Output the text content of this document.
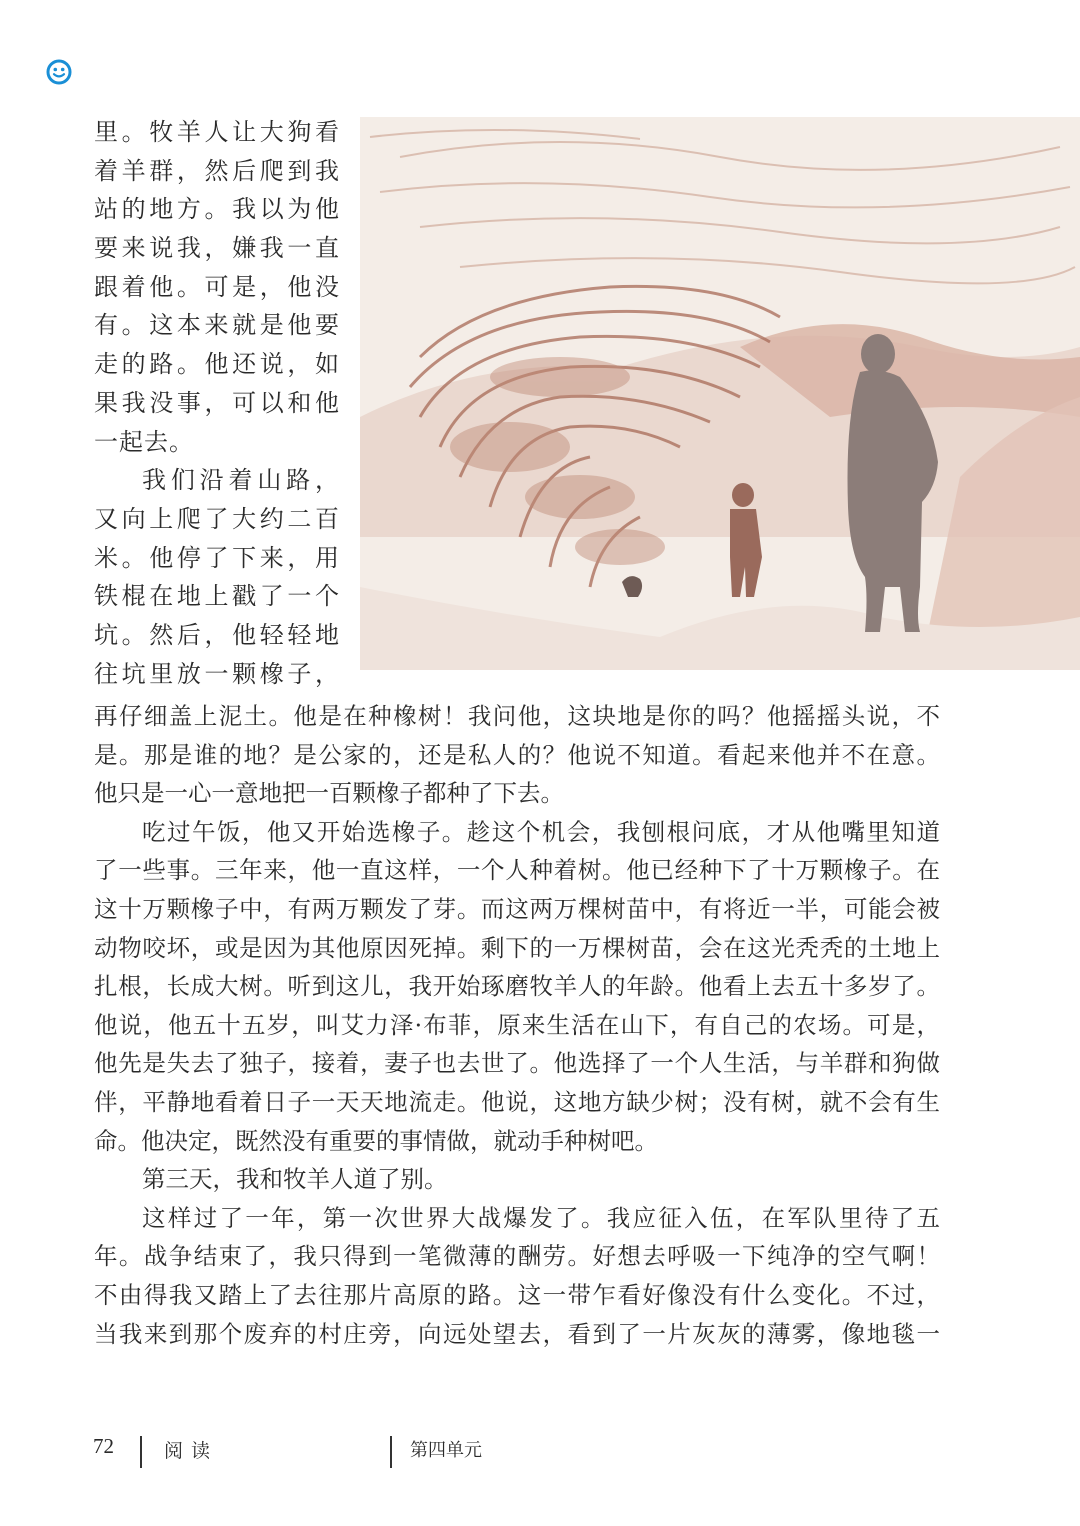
里。牧羊人让大狗看
着羊群，然后爬到我
站的地方。我以为他
要来说我，嫌我一直
跟着他。可是，他没
有。这本来就是他要
走的路。他还说，如
果我没事，可以和他
一起去。
我们沿着山路，
又向上爬了大约二百
米。他停了下来，用
铁棍在地上戳了一个
坑。然后，他轻轻地
往坑里放一颗橡子，
再仔细盖上泥土。他是在种橡树！我问他，这块地是你的吗？他摇摇头说，不
是。那是谁的地？是公家的，还是私人的？他说不知道。看起来他并不在意。
他只是一心一意地把一百颗橡子都种了下去。
吃过午饭，他又开始选橡子。趁这个机会，我刨根问底，才从他嘴里知道
了一些事。三年来，他一直这样，一个人种着树。他已经种下了十万颗橡子。在
这十万颗橡子中，有两万颗发了芽。而这两万棵树苗中，有将近一半，可能会被
动物咬坏，或是因为其他原因死掉。剩下的一万棵树苗，会在这光秃秃的土地上
扎根，长成大树。听到这儿，我开始琢磨牧羊人的年龄。他看上去五十多岁了。
他说，他五十五岁，叫艾力泽·布菲，原来生活在山下，有自己的农场。可是，
他先是失去了独子，接着，妻子也去世了。他选择了一个人生活，与羊群和狗做
伴，平静地看着日子一天天地流走。他说，这地方缺少树；没有树，就不会有生
命。他决定，既然没有重要的事情做，就动手种树吧。
第三天，我和牧羊人道了别。
这样过了一年，第一次世界大战爆发了。我应征入伍，在军队里待了五
年。战争结束了，我只得到一笔微薄的酬劳。好想去呼吸一下纯净的空气啊！
不由得我又踏上了去往那片高原的路。这一带乍看好像没有什么变化。不过，
当我来到那个废弃的村庄旁，向远处望去，看到了一片灰灰的薄雾，像地毯一
72	阅读	第四单元
